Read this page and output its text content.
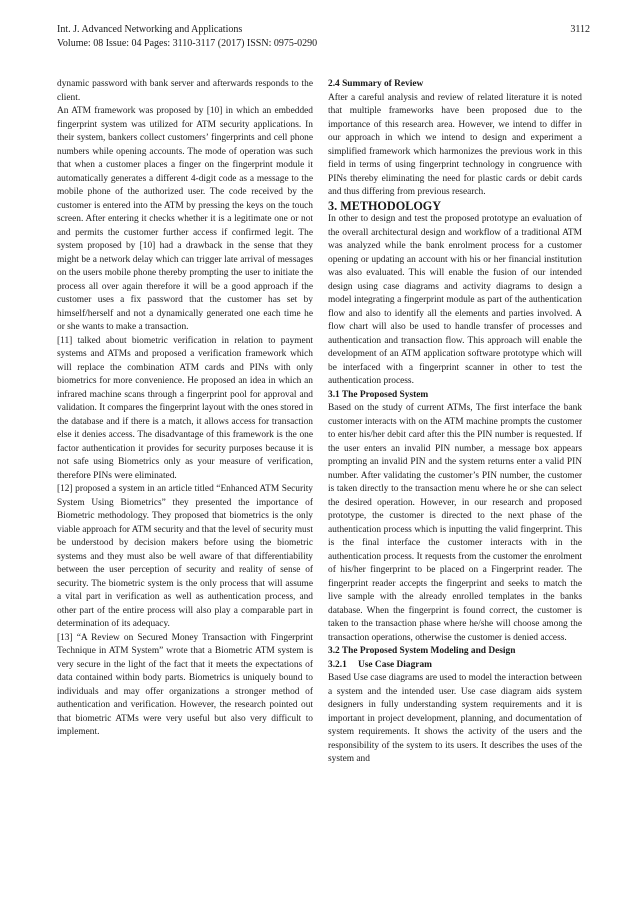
Int. J. Advanced Networking and Applications
Volume: 08 Issue: 04 Pages: 3110-3117 (2017) ISSN: 0975-0290
3112

dynamic password with bank server and afterwards responds to the client.

An ATM framework was proposed by [10] in which an embedded fingerprint system was utilized for ATM security applications. In their system, bankers collect customers’ fingerprints and cell phone numbers while opening accounts. The mode of operation was such that when a customer places a finger on the fingerprint module it automatically generates a different 4-digit code as a message to the mobile phone of the authorized user. The code received by the customer is entered into the ATM by pressing the keys on the touch screen. After entering it checks whether it is a legitimate one or not and permits the customer further access if confirmed legit. The system proposed by [10] had a drawback in the sense that they might be a network delay which can trigger late arrival of messages on the users mobile phone thereby prompting the user to initiate the process all over again therefore it will be a good approach if the customer uses a fix password that the customer has set by himself/herself and not a dynamically generated one each time he or she wants to make a transaction.

[11] talked about biometric verification in relation to payment systems and ATMs and proposed a verification framework which will replace the combination ATM cards and PINs with only biometrics for more convenience. He proposed an idea in which an infrared machine scans through a fingerprint pool for approval and validation. It compares the fingerprint layout with the ones stored in the database and if there is a match, it allows access for transaction else it denies access. The disadvantage of this framework is the one factor authentication it provides for security purposes because it is not safe using Biometrics only as your measure of verification, therefore PINs were eliminated.

[12] proposed a system in an article titled “Enhanced ATM Security System Using Biometrics” they presented the importance of Biometric methodology. They proposed that biometrics is the only viable approach for ATM security and that the level of security must be understood by decision makers before using the biometric systems and they must also be well aware of that differentiability between the user perception of security and reality of sense of security. The biometric system is the only process that will assume a vital part in verification as well as authentication process, and other part of the entire process will also play a comparable part in determination of its adequacy.

[13] “A Review on Secured Money Transaction with Fingerprint Technique in ATM System” wrote that a Biometric ATM system is very secure in the light of the fact that it meets the expectations of data contained within body parts. Biometrics is uniquely bound to individuals and may offer organizations a stronger method of authentication and verification. However, the research pointed out that biometric ATMs were very useful but also very difficult to implement.

2.4 Summary of Review

After a careful analysis and review of related literature it is noted that multiple frameworks have been proposed due to the importance of this research area. However, we intend to differ in our approach in which we intend to design and experiment a simplified framework which harmonizes the previous work in this field in terms of using fingerprint technology in congruence with PINs thereby eliminating the need for plastic cards or debit cards and thus differing from previous research.

3. METHODOLOGY

In other to design and test the proposed prototype an evaluation of the overall architectural design and workflow of a traditional ATM was analyzed while the bank enrolment process for a customer opening or updating an account with his or her financial institution was also evaluated. This will enable the fusion of our intended design using case diagrams and activity diagrams to design a model integrating a fingerprint module as part of the authentication flow and also to identify all the elements and parties involved. A flow chart will also be used to handle transfer of processes and authentication and transaction flow. This approach will enable the development of an ATM application software prototype which will be interfaced with a fingerprint scanner in other to test the authentication process.

3.1 The Proposed System

Based on the study of current ATMs, The first interface the bank customer interacts with on the ATM machine prompts the customer to enter his/her debit card after this the PIN number is requested. If the user enters an invalid PIN number, a message box appears prompting an invalid PIN and the system returns enter a valid PIN number. After validating the customer’s PIN number, the customer is taken directly to the transaction menu where he or she can select the desired operation. However, in our research and proposed prototype, the customer is directed to the next phase of the authentication process which is inputting the valid fingerprint. This is the final interface the customer interacts with in the authentication process. It requests from the customer the enrolment of his/her fingerprint to be placed on a Fingerprint reader. The fingerprint reader accepts the fingerprint and seeks to match the live sample with the already enrolled templates in the banks database. When the fingerprint is found correct, the customer is taken to the transaction phase where he/she will choose among the transaction operations, otherwise the customer is denied access.

3.2 The Proposed System Modeling and Design

3.2.1 Use Case Diagram

Based Use case diagrams are used to model the interaction between a system and the intended user. Use case diagram aids system designers in fully understanding system requirements and it is important in project development, planning, and documentation of system requirements. It shows the activity of the users and the responsibility of the system to its users. It describes the uses of the system and
